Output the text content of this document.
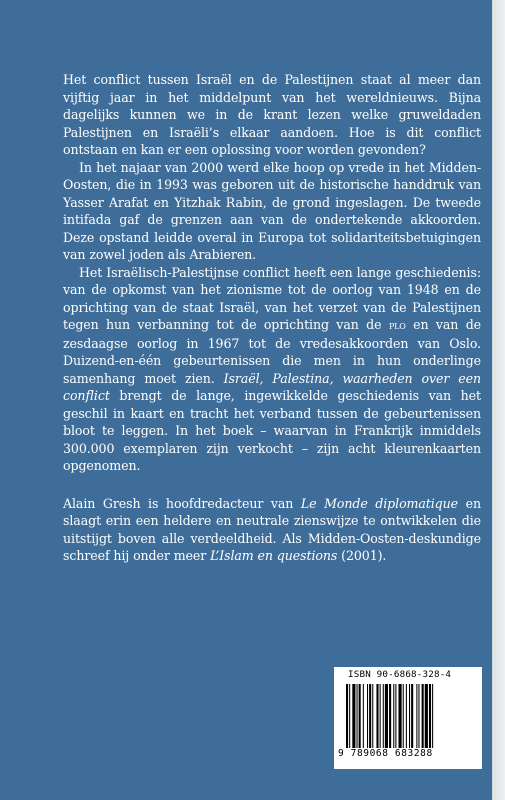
Het conflict tussen Israël en de Palestijnen staat al meer dan vijftig jaar in het middelpunt van het wereldnieuws. Bijna dagelijks kunnen we in de krant lezen welke gruweldaden Palestijnen en Israëli’s elkaar aandoen. Hoe is dit conflict ontstaan en kan er een oplossing voor worden gevonden?

In het najaar van 2000 werd elke hoop op vrede in het Midden-Oosten, die in 1993 was geboren uit de historische handdruk van Yasser Arafat en Yitzhak Rabin, de grond ingeslagen. De tweede intifada gaf de grenzen aan van de ondertekende akkoorden. Deze opstand leidde overal in Europa tot solidariteitsbetuigingen van zowel joden als Arabieren.

Het Israëlisch-Palestijnse conflict heeft een lange geschiedenis: van de opkomst van het zionisme tot de oorlog van 1948 en de oprichting van de staat Israël, van het verzet van de Palestijnen tegen hun verbanning tot de oprichting van de plo en van de zesdaagse oorlog in 1967 tot de vredesakkoorden van Oslo. Duizend-en-één gebeurtenissen die men in hun onderlinge samenhang moet zien. Israël, Palestina, waarheden over een conflict brengt de lange, ingewikkelde geschiedenis van het geschil in kaart en tracht het verband tussen de gebeurtenissen bloot te leggen. In het boek – waarvan in Frankrijk inmiddels 300.000 exemplaren zijn verkocht – zijn acht kleurenkaarten opgenomen.

Alain Gresh is hoofdredacteur van Le Monde diplomatique en slaagt erin een heldere en neutrale zienswijze te ontwikkelen die uitstijgt boven alle verdeeldheid. Als Midden-Oosten-deskundige schreef hij onder meer L’Islam en questions (2001).

ISBN 90-6868-328-4
9 789068 683288
